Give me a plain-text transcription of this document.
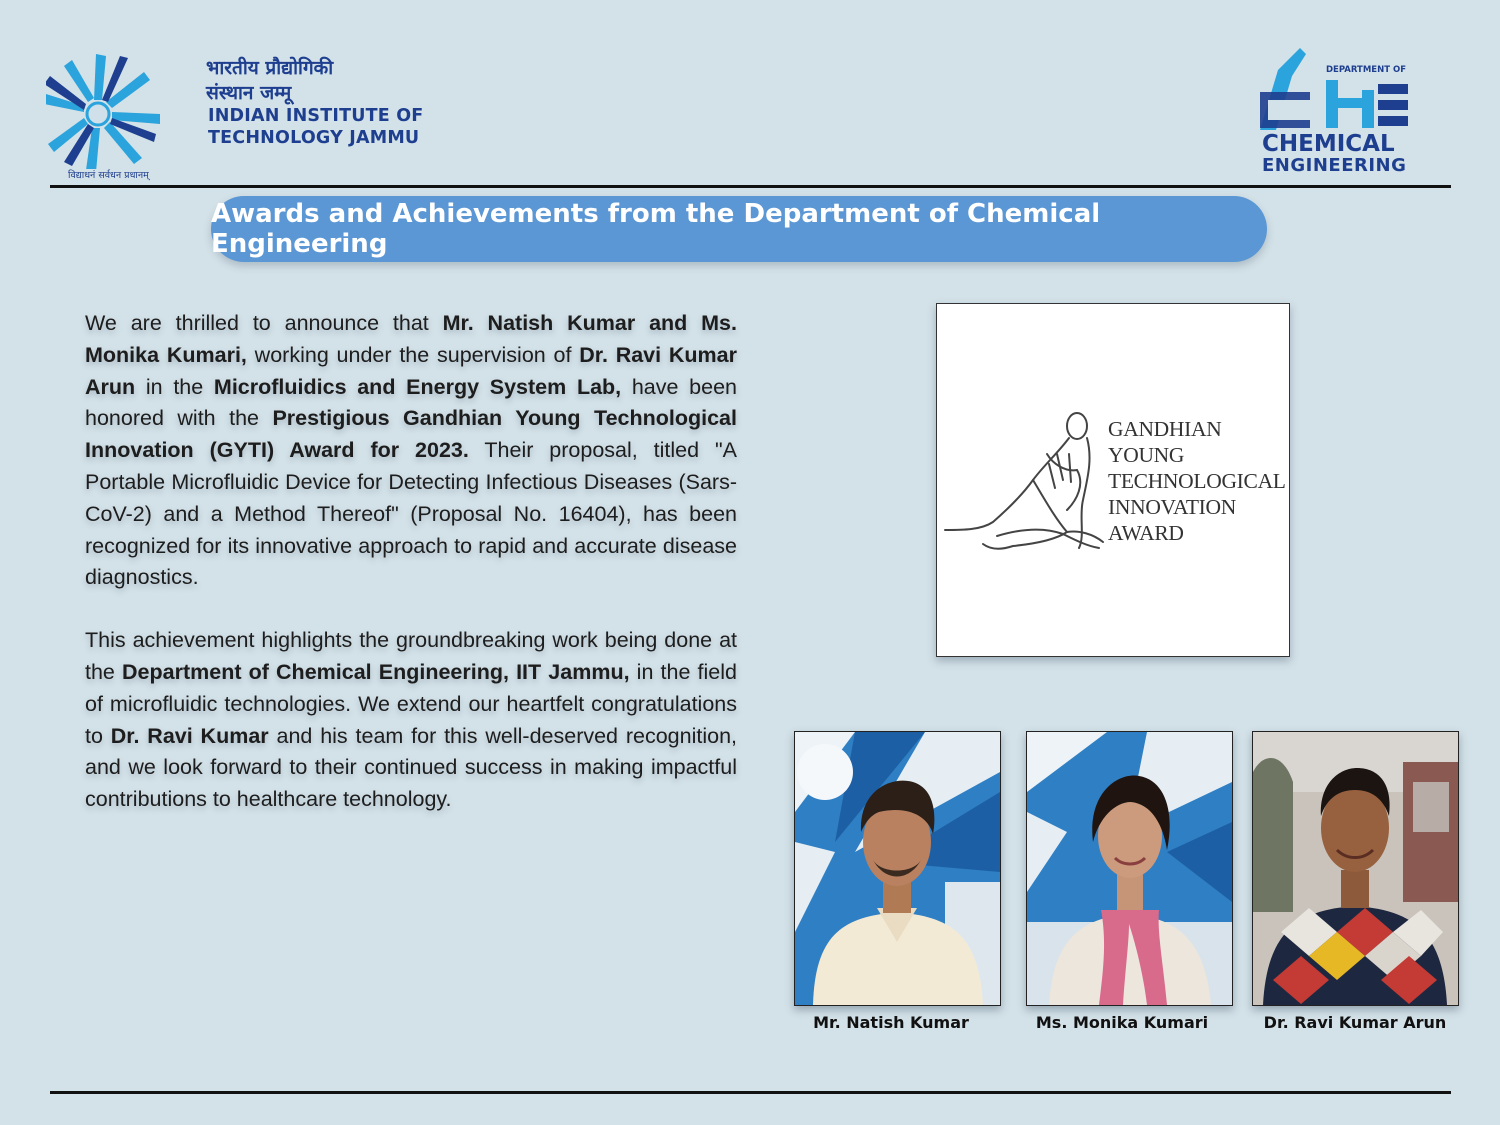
भारतीय प्रौद्योगिकी
संस्थान जम्मू
INDIAN INSTITUTE OF
TECHNOLOGY JAMMU
विद्याधनं सर्वधन प्रधानम्
DEPARTMENT OF
CHEMICAL
ENGINEERING
Awards and Achievements from the Department of Chemical Engineering

We are thrilled to announce that Mr. Natish Kumar and Ms. Monika Kumari, working under the supervision of Dr. Ravi Kumar Arun in the Microfluidics and Energy System Lab, have been honored with the Prestigious Gandhian Young Technological Innovation (GYTI) Award for 2023. Their proposal, titled "A Portable Microfluidic Device for Detecting Infectious Diseases (Sars-CoV-2) and a Method Thereof" (Proposal No. 16404), has been recognized for its innovative approach to rapid and accurate disease diagnostics.

This achievement highlights the groundbreaking work being done at the Department of Chemical Engineering, IIT Jammu, in the field of microfluidic technologies. We extend our heartfelt congratulations to Dr. Ravi Kumar and his team for this well-deserved recognition, and we look forward to their continued success in making impactful contributions to healthcare technology.

GANDHIAN
YOUNG
TECHNOLOGICAL
INNOVATION
AWARD
Mr. Natish Kumar	Ms. Monika Kumari	Dr. Ravi Kumar Arun
